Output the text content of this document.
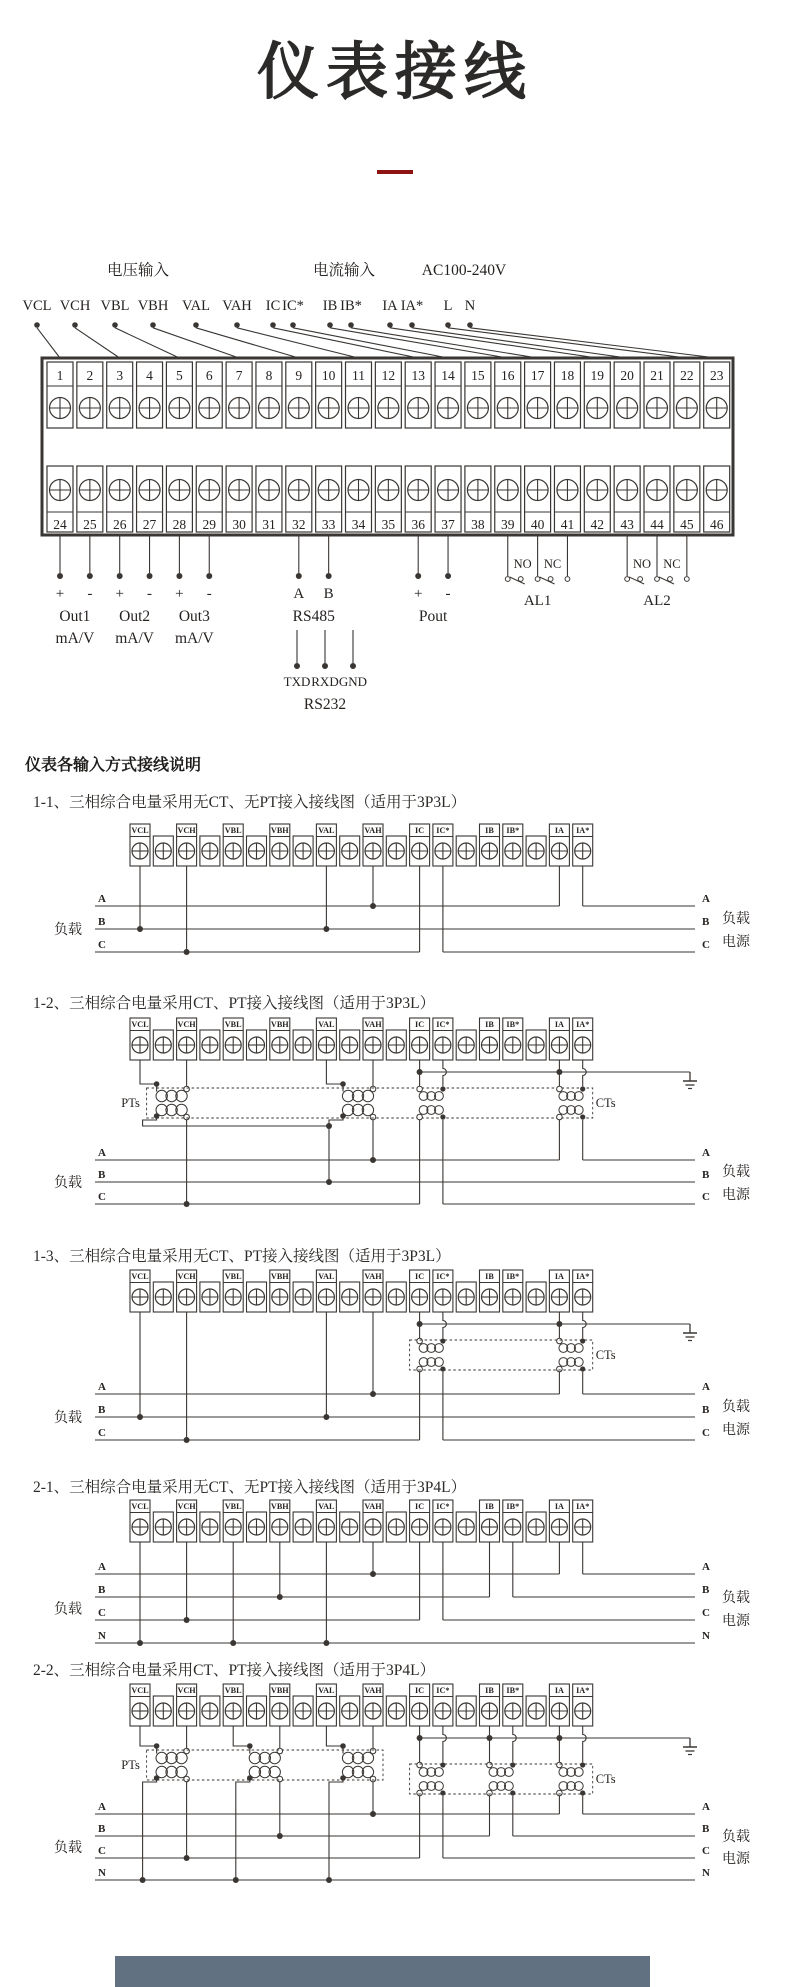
仪表接线
电压输入	电流输入	AC100-240V
VCL VCH VBL VBH VAL VAH IC IC* IB IB* IA IA* L N
1 2 3 4 5 6 7 8 9 10 11 12 13 14 15 16 17 18 19 20 21 22 23
24 25 26 27 28 29 30 31 32 33 34 35 36 37 38 39 40 41 42 43 44 45 46
+ -
Out1
mA/V
+ -
Out2
mA/V
+ -
Out3
mA/V
A B
RS485
+ -
Pout
NO NC
AL1
NO NC
AL2
TXD RXD GND
RS232
仪表各输入方式接线说明
1-1、三相综合电量采用无CT、无PT接入接线图（适用于3P3L）
VCL	VCH	VBL	VBH	VAL	VAH	IC IC*	IB IB*	IA IA*
A	A
B	B
C	C
负载
负载
电源
1-2、三相综合电量采用CT、PT接入接线图（适用于3P3L）
VCL	VCH	VBL	VBH	VAL	VAH	IC IC*	IB IB*	IA IA*
A	A
B	B
C	C
负载
负载
电源
PTs	CTs
1-3、三相综合电量采用无CT、PT接入接线图（适用于3P3L）
VCL	VCH	VBL	VBH	VAL	VAH	IC IC*	IB IB*	IA IA*
A	A
B	B
C	C
负载
负载
电源
CTs
2-1、三相综合电量采用无CT、无PT接入接线图（适用于3P4L）
VCL	VCH	VBL	VBH	VAL	VAH	IC IC*	IB IB*	IA IA*
A	A
B	B
C	C
N	N
负载
负载
电源
2-2、三相综合电量采用CT、PT接入接线图（适用于3P4L）
VCL	VCH	VBL	VBH	VAL	VAH	IC IC*	IB IB*	IA IA*
A	A
B	B
C	C
N	N
负载
负载
电源
PTs
CTs
